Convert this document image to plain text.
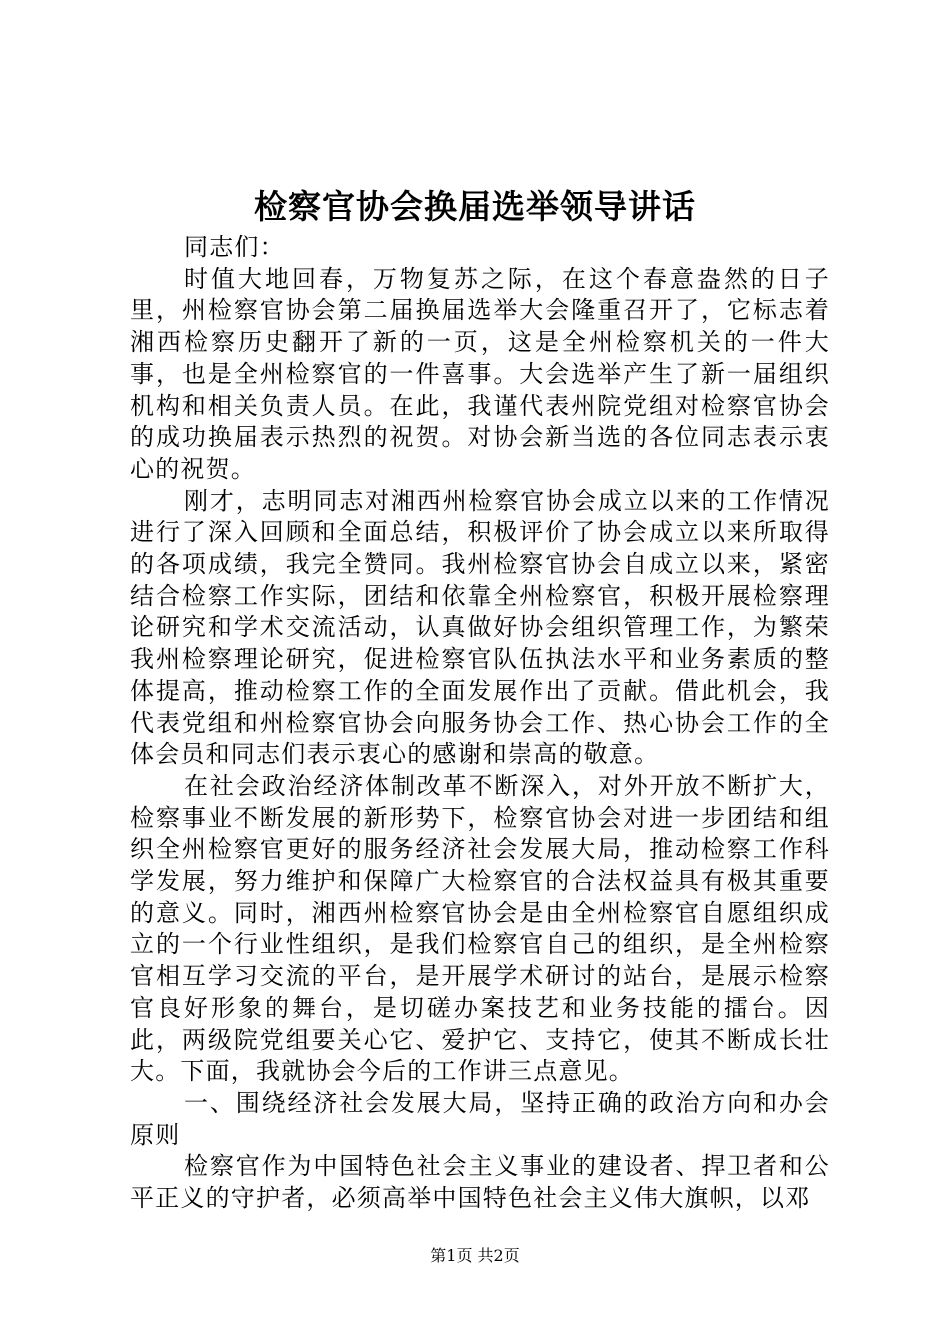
检察官协会换届选举领导讲话

同志们：

时值大地回春，万物复苏之际，在这个春意盎然的日子里，州检察官协会第二届换届选举大会隆重召开了，它标志着湘西检察历史翻开了新的一页，这是全州检察机关的一件大事，也是全州检察官的一件喜事。大会选举产生了新一届组织机构和相关负责人员。在此，我谨代表州院党组对检察官协会的成功换届表示热烈的祝贺。对协会新当选的各位同志表示衷心的祝贺。

刚才，志明同志对湘西州检察官协会成立以来的工作情况进行了深入回顾和全面总结，积极评价了协会成立以来所取得的各项成绩，我完全赞同。我州检察官协会自成立以来，紧密结合检察工作实际，团结和依靠全州检察官，积极开展检察理论研究和学术交流活动，认真做好协会组织管理工作，为繁荣我州检察理论研究，促进检察官队伍执法水平和业务素质的整体提高，推动检察工作的全面发展作出了贡献。借此机会，我代表党组和州检察官协会向服务协会工作、热心协会工作的全体会员和同志们表示衷心的感谢和崇高的敬意。

在社会政治经济体制改革不断深入，对外开放不断扩大，检察事业不断发展的新形势下，检察官协会对进一步团结和组织全州检察官更好的服务经济社会发展大局，推动检察工作科学发展，努力维护和保障广大检察官的合法权益具有极其重要的意义。同时，湘西州检察官协会是由全州检察官自愿组织成立的一个行业性组织，是我们检察官自己的组织，是全州检察官相互学习交流的平台，是开展学术研讨的站台，是展示检察官良好形象的舞台，是切磋办案技艺和业务技能的擂台。因此，两级院党组要关心它、爱护它、支持它，使其不断成长壮大。下面，我就协会今后的工作讲三点意见。

一、围绕经济社会发展大局，坚持正确的政治方向和办会原则

检察官作为中国特色社会主义事业的建设者、捍卫者和公平正义的守护者，必须高举中国特色社会主义伟大旗帜，以邓

第1页 共2页
